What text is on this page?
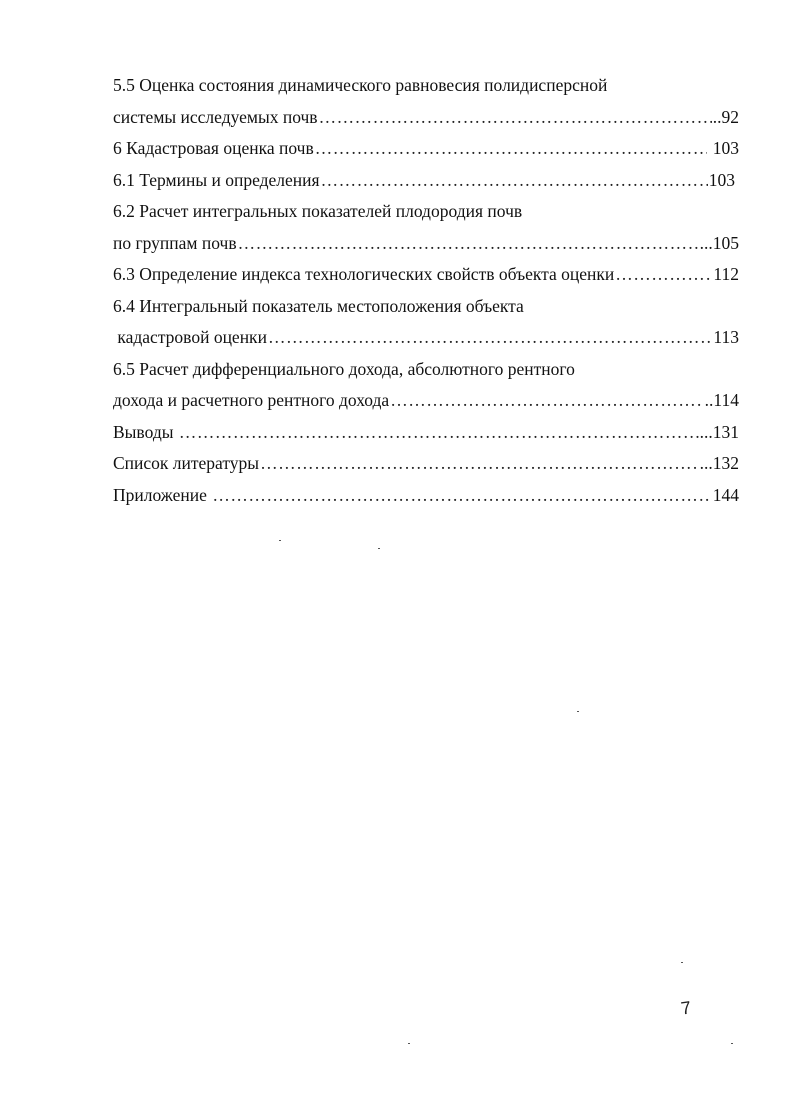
5.5 Оценка состояния динамического равновесия полидисперсной
системы исследуемых почв ……………………………………………………………………………………………………………………………………………………………	..92
6 Кадастровая оценка почв ……………………………………………………………………………………………………………………………………………………………	103
6.1 Термины и определения ……………………………………………………………………………………………………………………………………………………………	103
6.2 Расчет интегральных показателей плодородия почв
по группам почв ……………………………………………………………………………………………………………………………………………………………	...105
6.3 Определение индекса технологических свойств объекта оценки ……………………………………………………………………………………………………………………………………………………………	112
6.4 Интегральный показатель местоположения объекта
кадастровой оценки ……………………………………………………………………………………………………………………………………………………………	113
6.5 Расчет дифференциального дохода, абсолютного рентного
дохода и расчетного рентного дохода ……………………………………………………………………………………………………………………………………………………………	..114
Выводы ……………………………………………………………………………………………………………………………………………………………	...131
Список литературы ……………………………………………………………………………………………………………………………………………………………	...132
Приложение ……………………………………………………………………………………………………………………………………………………………	144
7
